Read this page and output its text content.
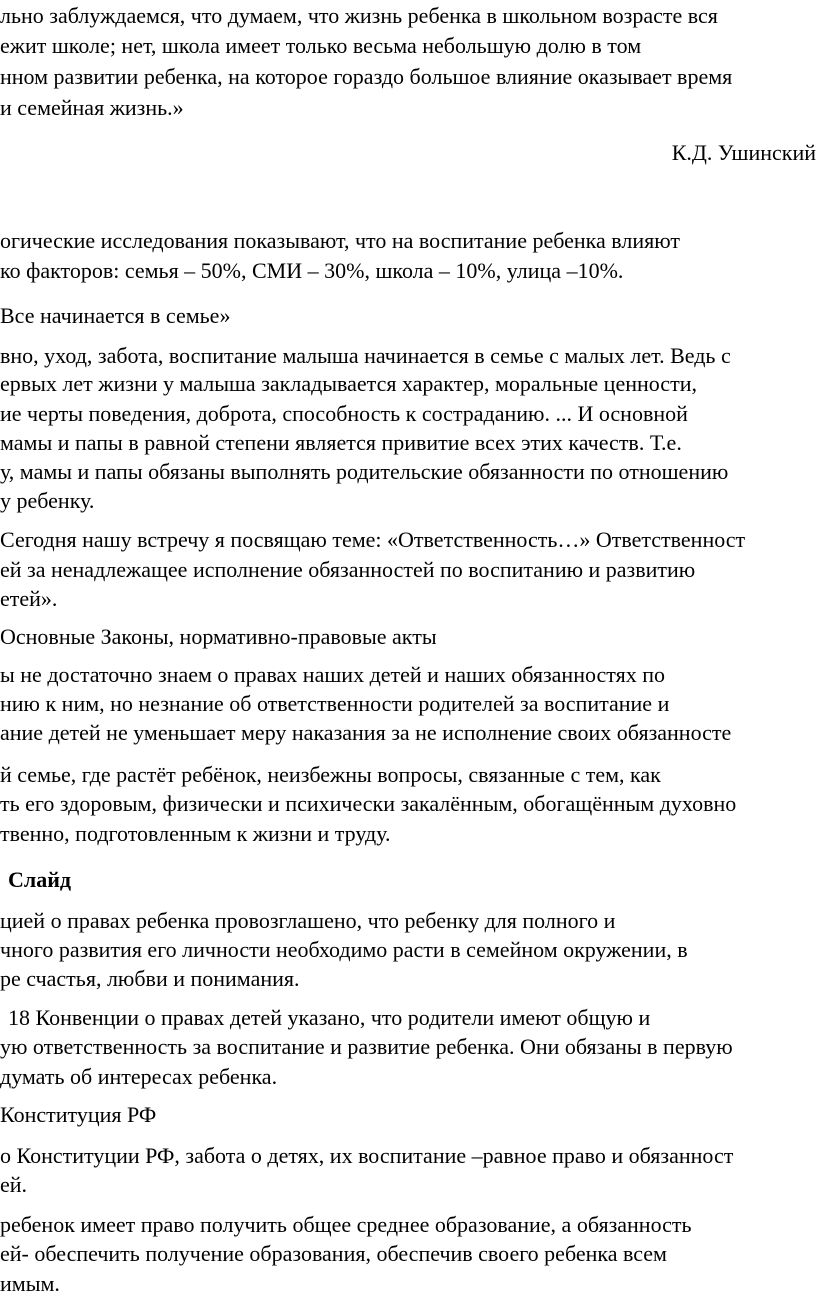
льно заблуждаемся, что думаем, что жизнь ребенка в школьном возрасте вся

ежит школе; нет, школа имеет только весьма небольшую долю в том

нном развитии ребенка, на которое гораздо большое влияние оказывает время

и семейная жизнь.»

К.Д. Ушинский

огические исследования показывают, что на воспитание ребенка влияют

ко факторов: семья – 50%, СМИ – 30%, школа – 10%, улица –10%.

Все начинается в семье»

вно, уход, забота, воспитание малыша начинается в семье с малых лет. Ведь с

ервых лет жизни у малыша закладывается характер, моральные ценности,

ие черты поведения, доброта, способность к состраданию. ... И основной

мамы и папы в равной степени является привитие всех этих качеств. Т.е.

у, мамы и папы обязаны выполнять родительские обязанности по отношению

у ребенку.

Сегодня нашу встречу я посвящаю теме: «Ответственность…» Ответственност

ей за ненадлежащее исполнение обязанностей по воспитанию и развитию

етей».

Основные Законы, нормативно-правовые акты

ы не достаточно знаем о правах наших детей и наших обязанностях по

нию к ним, но незнание об ответственности родителей за воспитание и

ание детей не уменьшает меру наказания за не исполнение своих обязанносте

й семье, где растёт ребёнок, неизбежны вопросы, связанные с тем, как

ть его здоровым, физически и психически закалённым, обогащённым духовно

твенно, подготовленным к жизни и труду.

Слайд

цией о правах ребенка провозглашено, что ребенку для полного и

чного развития его личности необходимо расти в семейном окружении, в

ре счастья, любви и понимания.

18 Конвенции о правах детей указано, что родители имеют общую и

ую ответственность за воспитание и развитие ребенка. Они обязаны в первую

думать об интересах ребенка.

Конституция РФ

о Конституции РФ, забота о детях, их воспитание –равное право и обязанност

ей.

ребенок имеет право получить общее среднее образование, а обязанность

ей- обеспечить получение образования, обеспечив своего ребенка всем

имым.
